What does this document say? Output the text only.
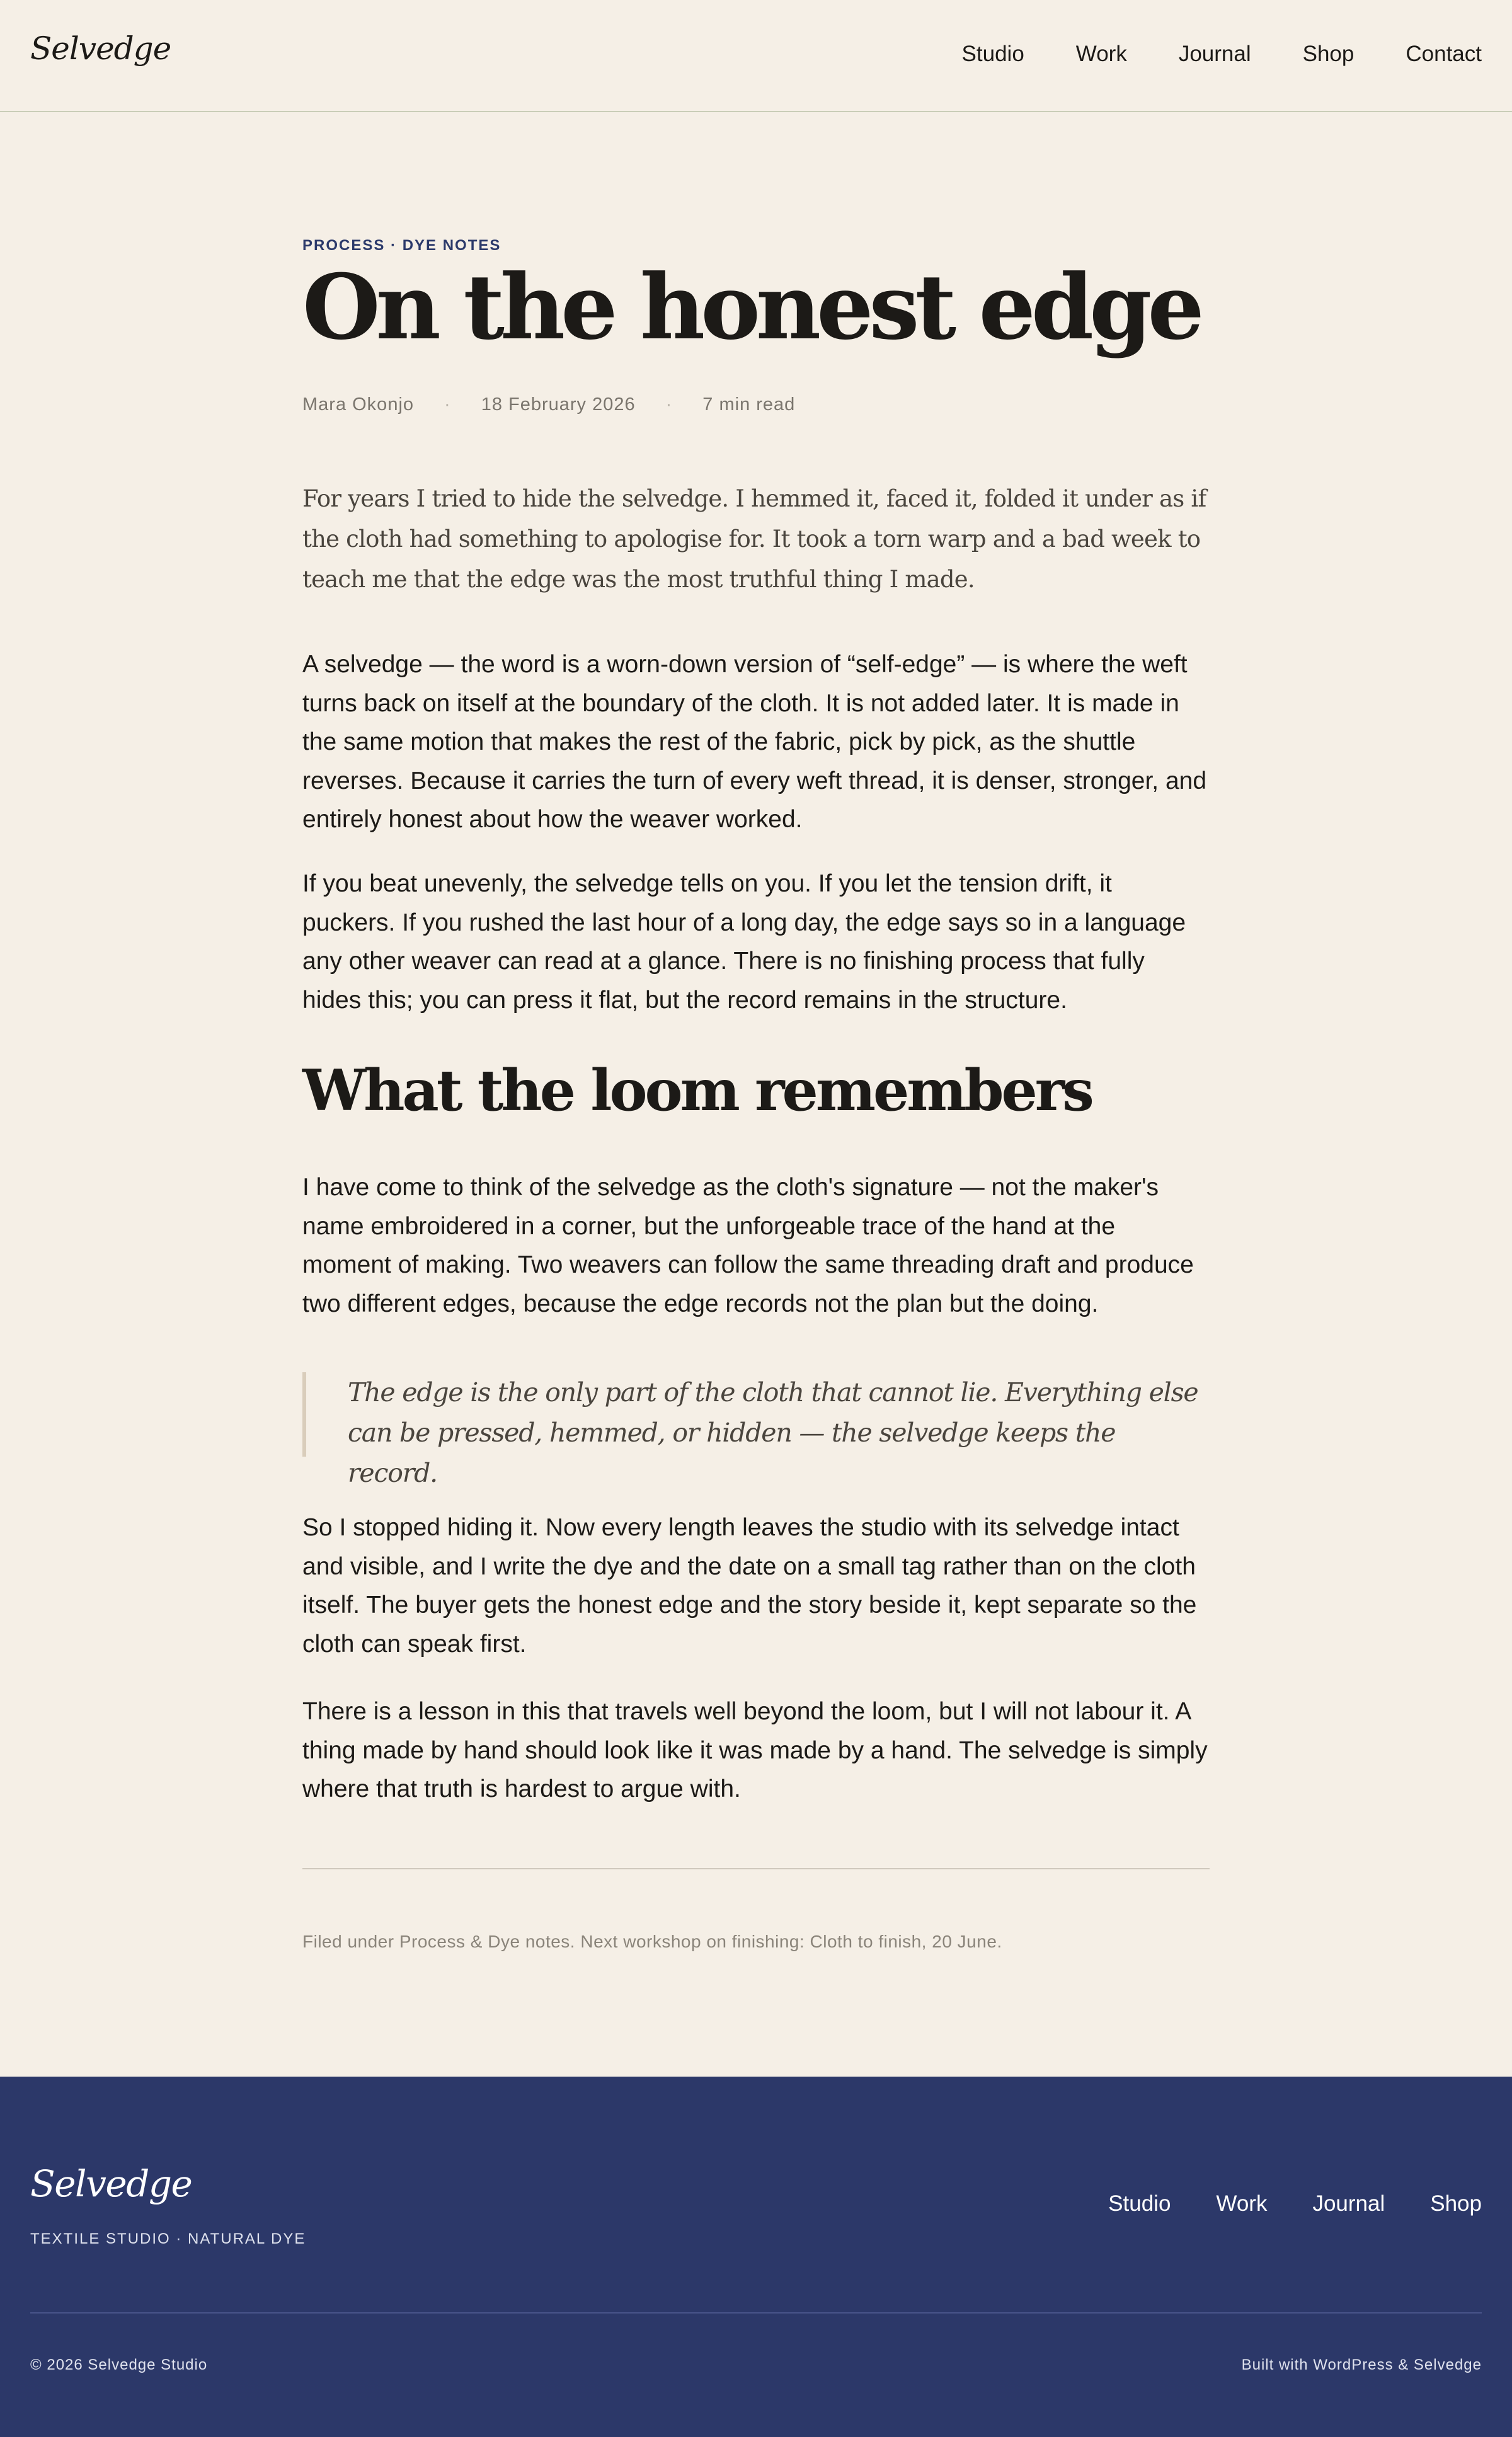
Selvedge	Studio Work Journal Shop Contact
PROCESS · DYE NOTES
On the honest edge
Mara Okonjo · 18 February 2026 · 7 min read

For years I tried to hide the selvedge. I hemmed it, faced it, folded it under as if the cloth had something to apologise for. It took a torn warp and a bad week to teach me that the edge was the most truthful thing I made.

A selvedge — the word is a worn-down version of “self-edge” — is where the weft turns back on itself at the boundary of the cloth. It is not added later. It is made in the same motion that makes the rest of the fabric, pick by pick, as the shuttle reverses. Because it carries the turn of every weft thread, it is denser, stronger, and entirely honest about how the weaver worked.

If you beat unevenly, the selvedge tells on you. If you let the tension drift, it puckers. If you rushed the last hour of a long day, the edge says so in a language any other weaver can read at a glance. There is no finishing process that fully hides this; you can press it flat, but the record remains in the structure.

What the loom remembers

I have come to think of the selvedge as the cloth's signature — not the maker's name embroidered in a corner, but the unforgeable trace of the hand at the moment of making. Two weavers can follow the same threading draft and produce two different edges, because the edge records not the plan but the doing.

The edge is the only part of the cloth that cannot lie. Everything else can be pressed, hemmed, or hidden — the selvedge keeps the record.

So I stopped hiding it. Now every length leaves the studio with its selvedge intact and visible, and I write the dye and the date on a small tag rather than on the cloth itself. The buyer gets the honest edge and the story beside it, kept separate so the cloth can speak first.

There is a lesson in this that travels well beyond the loom, but I will not labour it. A thing made by hand should look like it was made by a hand. The selvedge is simply where that truth is hardest to argue with.

Filed under Process & Dye notes. Next workshop on finishing: Cloth to finish, 20 June.

Selvedge
TEXTILE STUDIO · NATURAL DYE
Studio Work Journal Shop
© 2026 Selvedge Studio	Built with WordPress & Selvedge
